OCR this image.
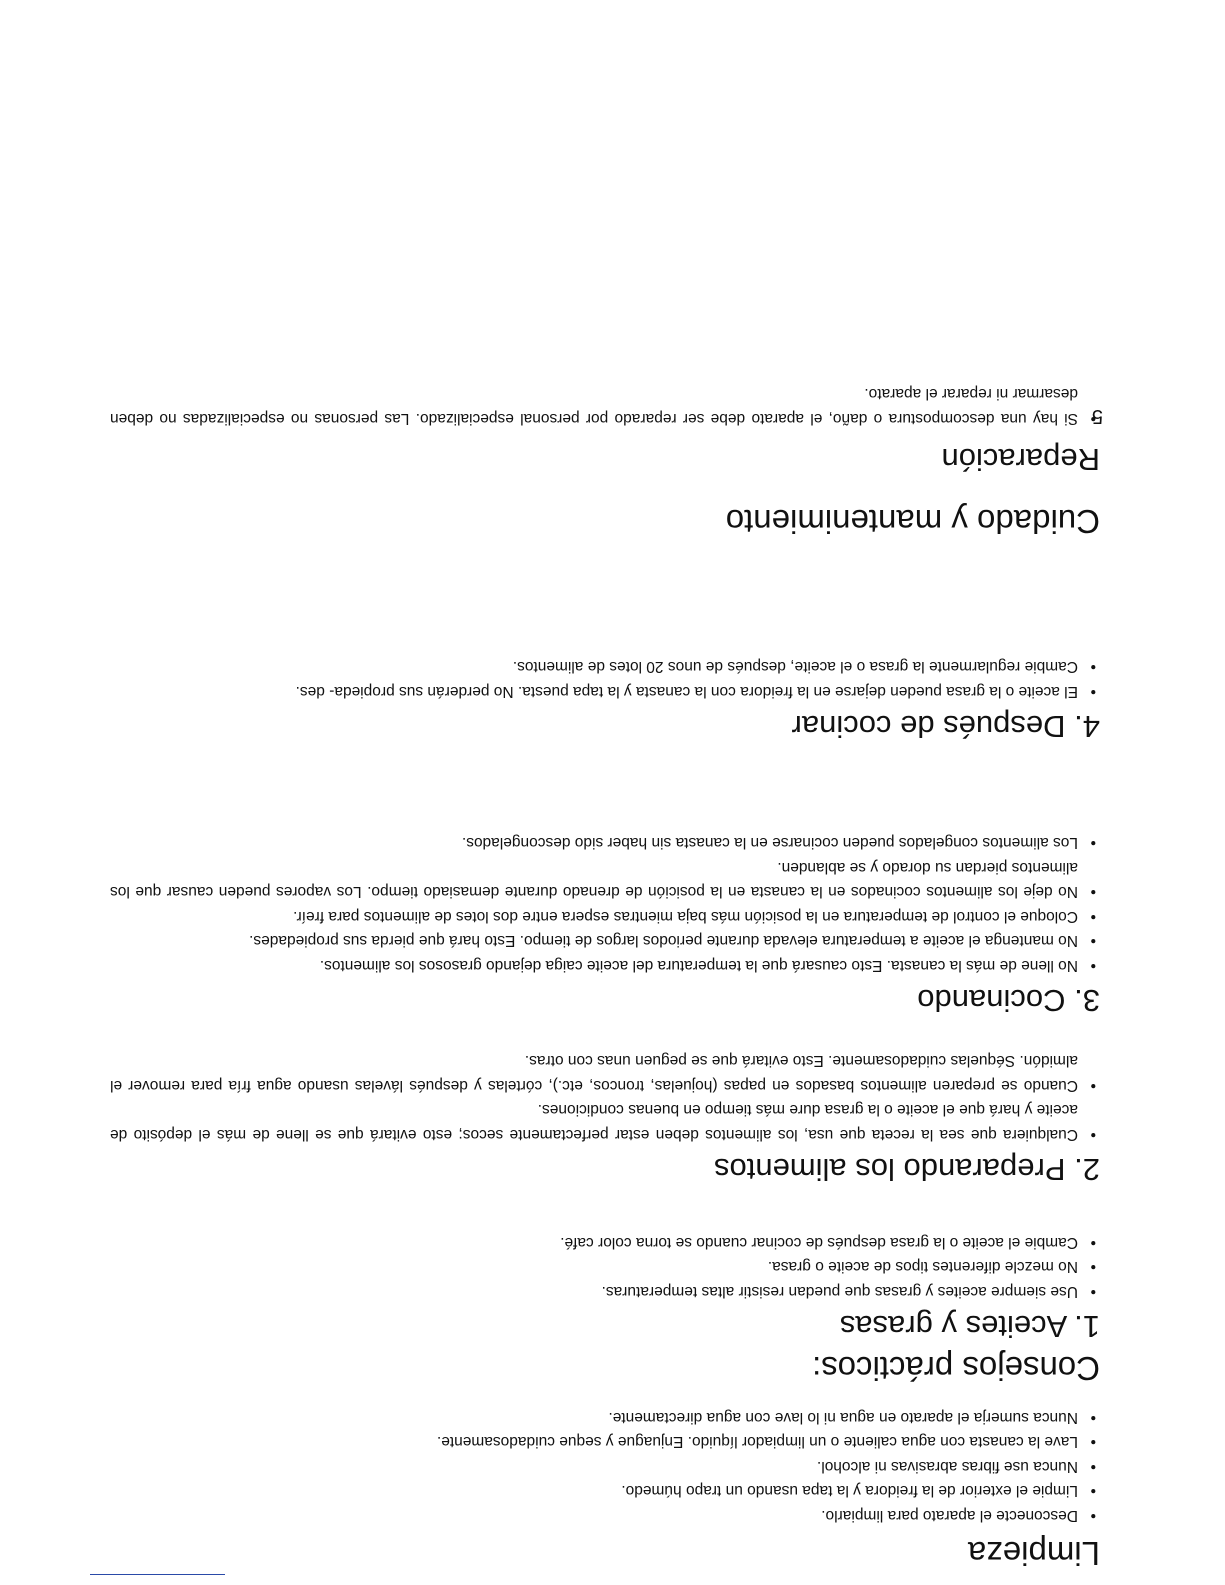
Limpieza
• Desconecte el aparato para limpiarlo.
• Limpie el exterior de la freidora y la tapa usando un trapo húmedo.
• Nunca use fibras abrasivas ni alcohol.
• Lave la canasta con agua caliente o un limpiador líquido. Enjuague y seque cuidadosamente.
• Nunca sumerja el aparato en agua ni lo lave con agua directamente.
Consejos prácticos:
1. Aceites y grasas
• Use siempre aceites y grasas que puedan resistir altas temperaturas.
• No mezcle diferentes tipos de aceite o grasa.
• Cambie el aceite o la grasa después de cocinar cuando se torna color café.
2. Preparando los alimentos
• Cualquiera que sea la receta que usa, los alimentos deben estar perfectamente secos; esto evitará que se llene de más el depósito de aceite y hará que el aceite o la grasa dure más tiempo en buenas condiciones.
• Cuando se preparen alimentos basados en papas (hojuelas, troncos, etc.), córtelas y después lávelas usando agua fría para remover el almidón. Séquelas cuidadosamente. Esto evitará que se peguen unas con otras.
3. Cocinando
• No llene de más la canasta. Esto causará que la temperatura del aceite caiga dejando grasosos los alimentos.
• No mantenga el aceite a temperatura elevada durante periodos largos de tiempo. Esto hará que pierda sus propiedades.
• Coloque el control de temperatura en la posición más baja mientras espera entre dos lotes de alimentos para freír.
• No deje los alimentos cocinados en la canasta en la posición de drenado durante demasiado tiempo. Los vapores pueden causar que los alimentos pierdan su dorado y se ablanden.
• Los alimentos congelados pueden cocinarse en la canasta sin haber sido descongelados.
4. Después de cocinar
• El aceite o la grasa pueden dejarse en la freidora con la canasta y la tapa puesta. No perderán sus propieda- des.
• Cambie regularmente la grasa o el aceite, después de unos 20 lotes de alimentos.
Cuidado y mantenimiento
Reparación
5
• Si hay una descompostura o daño, el aparato debe ser reparado por personal especializado. Las personas no especializadas no deben desarmar ni reparar el aparato.
